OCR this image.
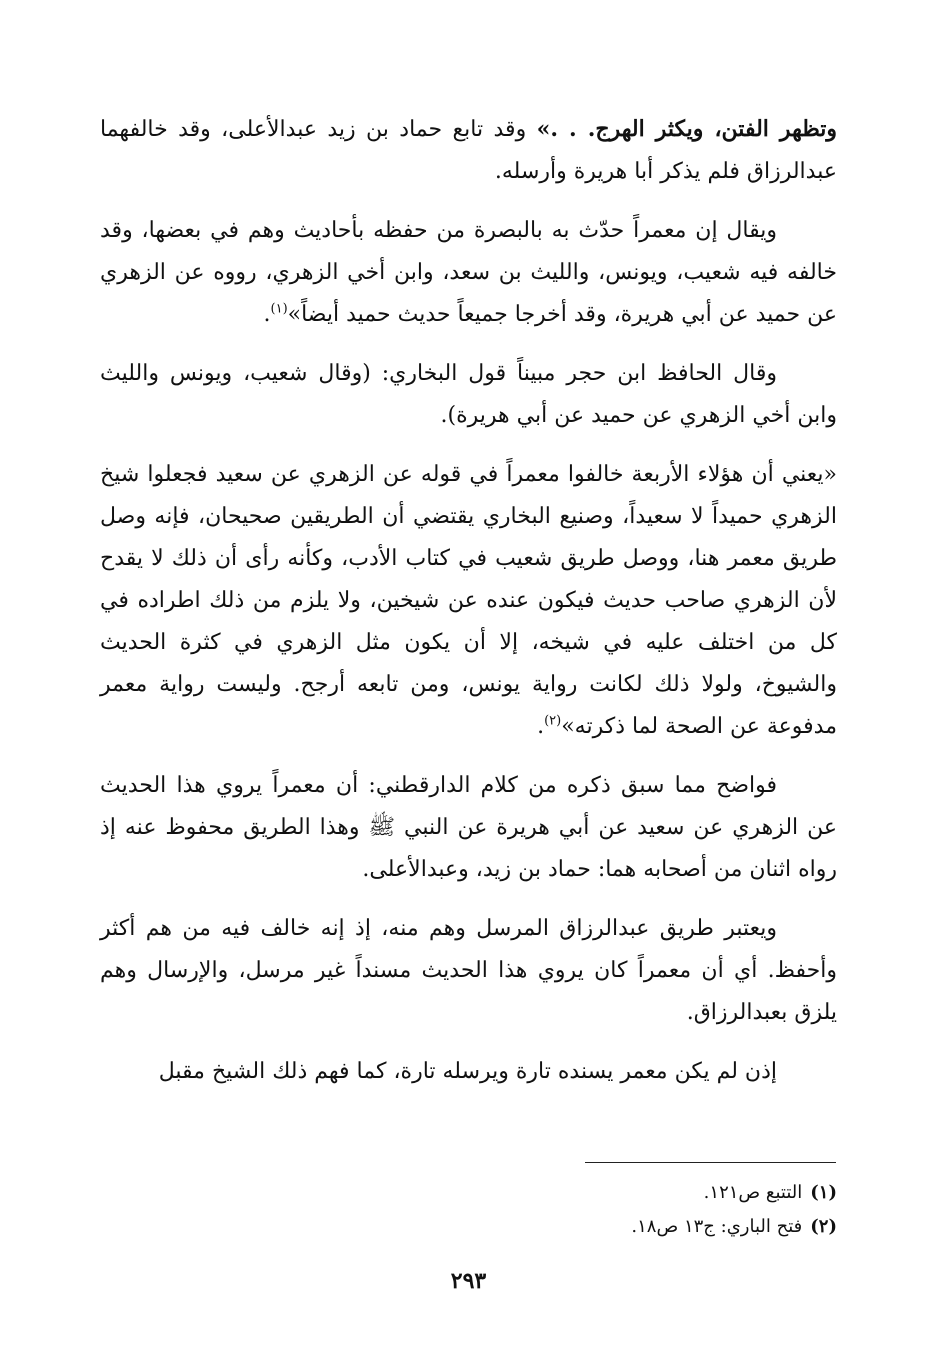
وتظهر الفتن، ويكثر الهرج. . .» وقد تابع حماد بن زيد عبدالأعلى، وقد خالفهما عبدالرزاق فلم يذكر أبا هريرة وأرسله.

ويقال إن معمراً حدّث به بالبصرة من حفظه بأحاديث وهم في بعضها، وقد خالفه فيه شعيب، ويونس، والليث بن سعد، وابن أخي الزهري، رووه عن الزهري عن حميد عن أبي هريرة، وقد أخرجا جميعاً حديث حميد أيضاً»$^{(١)}$.

وقال الحافظ ابن حجر مبيناً قول البخاري: (وقال شعيب، ويونس والليث وابن أخي الزهري عن حميد عن أبي هريرة).

«يعني أن هؤلاء الأربعة خالفوا معمراً في قوله عن الزهري عن سعيد فجعلوا شيخ الزهري حميداً لا سعيداً، وصنيع البخاري يقتضي أن الطريقين صحيحان، فإنه وصل طريق معمر هنا، ووصل طريق شعيب في كتاب الأدب، وكأنه رأى أن ذلك لا يقدح لأن الزهري صاحب حديث فيكون عنده عن شيخين، ولا يلزم من ذلك اطراده في كل من اختلف عليه في شيخه، إلا أن يكون مثل الزهري في كثرة الحديث والشيوخ، ولولا ذلك لكانت رواية يونس، ومن تابعه أرجح. وليست رواية معمر مدفوعة عن الصحة لما ذكرته»$^{(٢)}$.

فواضح مما سبق ذكره من كلام الدارقطني: أن معمراً يروي هذا الحديث عن الزهري عن سعيد عن أبي هريرة عن النبي ﷺ وهذا الطريق محفوظ عنه إذ رواه اثنان من أصحابه هما: حماد بن زيد، وعبدالأعلى.

ويعتبر طريق عبدالرزاق المرسل وهم منه، إذ إنه خالف فيه من هم أكثر وأحفظ. أي أن معمراً كان يروي هذا الحديث مسنداً غير مرسل، والإرسال وهم يلزق بعبدالرزاق.

إذن لم يكن معمر يسنده تارة ويرسله تارة، كما فهم ذلك الشيخ مقبل

(١)التتبع ص١٢١.

(٢)فتح الباري: ج١٣ ص١٨.

٢٩٣
